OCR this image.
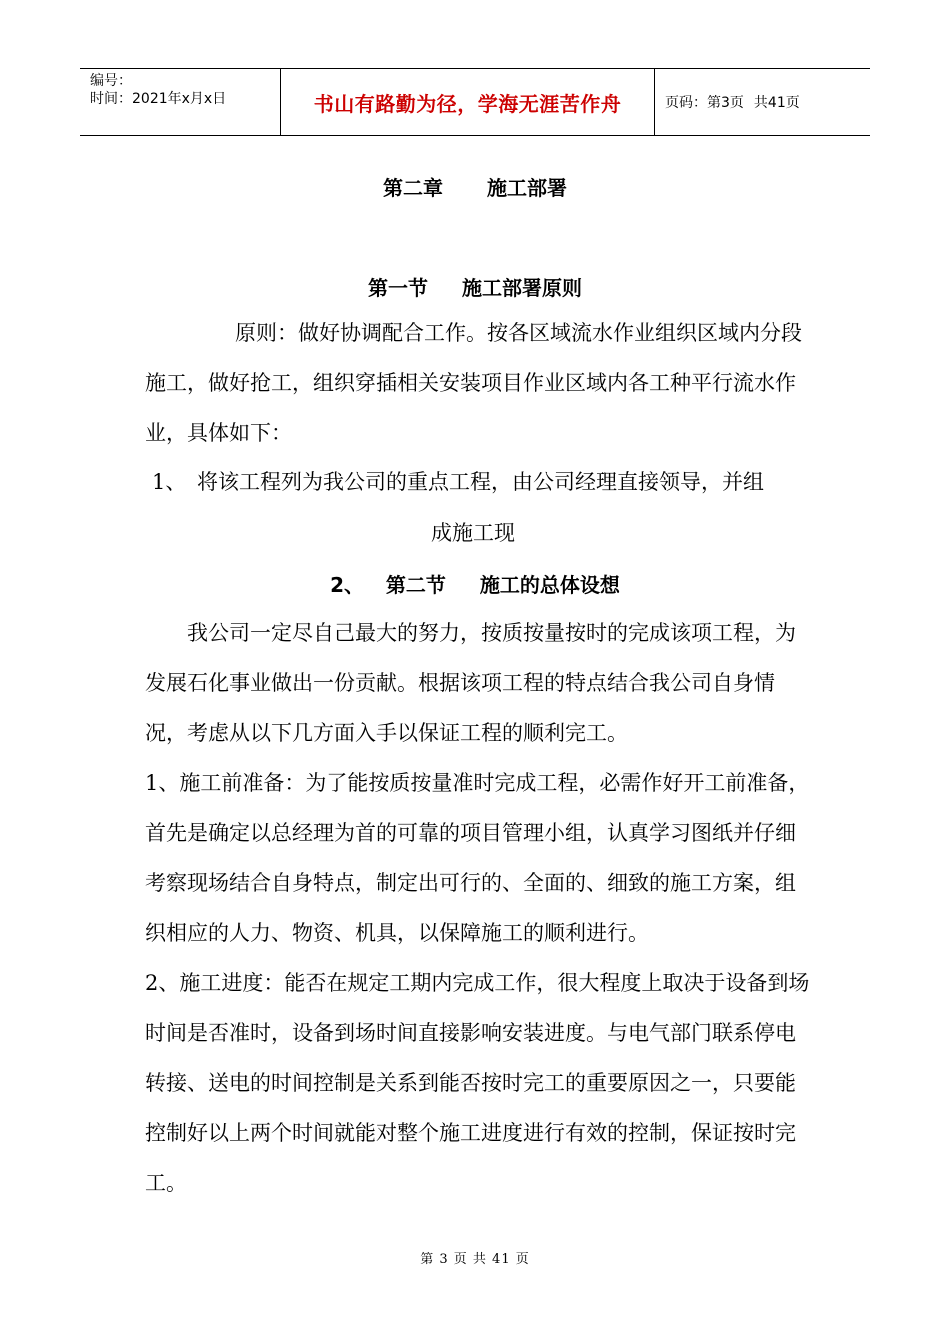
编号：
时间：2021年x月x日	书山有路勤为径，学海无涯苦作舟	页码：第3页 共41页
第二章 施工部署
第一节 施工部署原则

原则：做好协调配合工作。按各区域流水作业组织区域内分段施工，做好抢工，组织穿插相关安装项目作业区域内各工种平行流水作业，具体如下：

1、 将该工程列为我公司的重点工程，由公司经理直接领导，并组
成施工现
2、 第二节 施工的总体设想

我公司一定尽自己最大的努力，按质按量按时的完成该项工程，为发展石化事业做出一份贡献。根据该项工程的特点结合我公司自身情况，考虑从以下几方面入手以保证工程的顺利完工。

1、施工前准备：为了能按质按量准时完成工程，必需作好开工前准备，首先是确定以总经理为首的可靠的项目管理小组，认真学习图纸并仔细考察现场结合自身特点，制定出可行的、全面的、细致的施工方案，组织相应的人力、物资、机具，以保障施工的顺利进行。

2、施工进度：能否在规定工期内完成工作，很大程度上取决于设备到场时间是否准时，设备到场时间直接影响安装进度。与电气部门联系停电转接、送电的时间控制是关系到能否按时完工的重要原因之一，只要能控制好以上两个时间就能对整个施工进度进行有效的控制，保证按时完工。

第 3 页 共 41 页
